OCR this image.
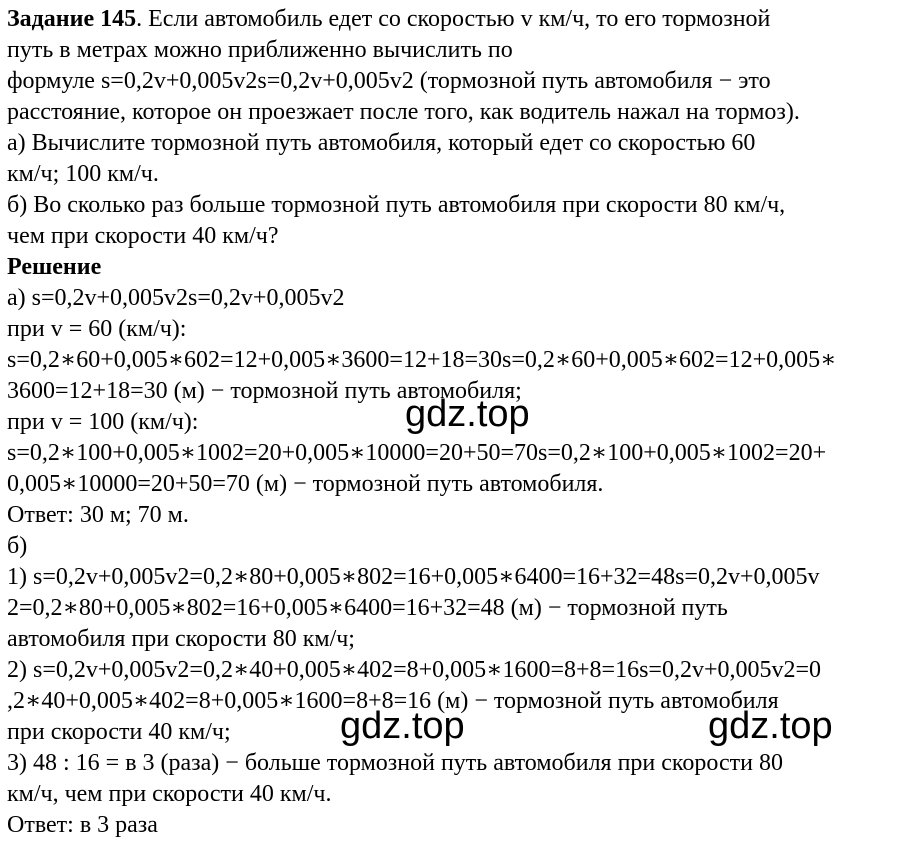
Задание 145. Если автомобиль едет со скоростью v км/ч, то его тормозной
путь в метрах можно приближенно вычислить по
формуле s=0,2v+0,005v2s=0,2v+0,005v2 (тормозной путь автомобиля − это
расстояние, которое он проезжает после того, как водитель нажал на тормоз).
а) Вычислите тормозной путь автомобиля, который едет со скоростью 60
км/ч; 100 км/ч.
б) Во сколько раз больше тормозной путь автомобиля при скорости 80 км/ч,
чем при скорости 40 км/ч?
Решение
а) s=0,2v+0,005v2s=0,2v+0,005v2
при v = 60 (км/ч):
s=0,2∗60+0,005∗602=12+0,005∗3600=12+18=30s=0,2∗60+0,005∗602=12+0,005∗
3600=12+18=30 (м) − тормозной путь автомобиля;
при v = 100 (км/ч):
s=0,2∗100+0,005∗1002=20+0,005∗10000=20+50=70s=0,2∗100+0,005∗1002=20+
0,005∗10000=20+50=70 (м) − тормозной путь автомобиля.
Ответ: 30 м; 70 м.
б)
1) s=0,2v+0,005v2=0,2∗80+0,005∗802=16+0,005∗6400=16+32=48s=0,2v+0,005v
2=0,2∗80+0,005∗802=16+0,005∗6400=16+32=48 (м) − тормозной путь
автомобиля при скорости 80 км/ч;
2) s=0,2v+0,005v2=0,2∗40+0,005∗402=8+0,005∗1600=8+8=16s=0,2v+0,005v2=0
,2∗40+0,005∗402=8+0,005∗1600=8+8=16 (м) − тормозной путь автомобиля
при скорости 40 км/ч;
3) 48 : 16 = в 3 (раза) − больше тормозной путь автомобиля при скорости 80
км/ч, чем при скорости 40 км/ч.
Ответ: в 3 раза
gdz.top
gdz.top	gdz.top
